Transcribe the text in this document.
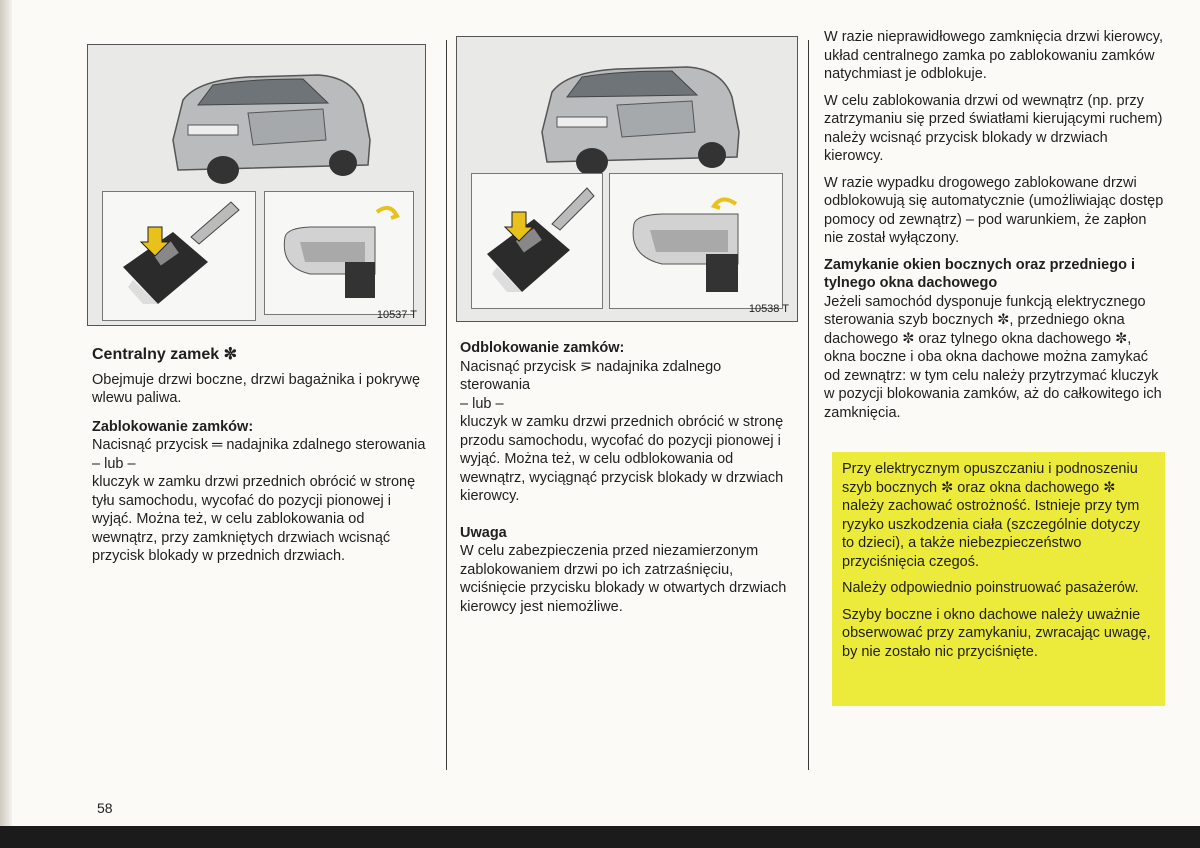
10537 T	10538 T

Centralny zamek ✼

Obejmuje drzwi boczne, drzwi bagażnika i pokrywę wlewu paliwa.

Zablokowanie zamków:
Nacisnąć przycisk ═ nadajnika zdalnego sterowania
– lub –
kluczyk w zamku drzwi przednich obrócić w stronę tyłu samochodu, wycofać do pozycji pionowej i wyjąć. Można też, w celu zablokowania od wewnątrz, przy zamkniętych drzwiach wcisnąć przycisk blokady w przednich drzwiach.
Odblokowanie zamków:
Nacisnąć przycisk ⋝ nadajnika zdalnego sterowania
– lub –
kluczyk w zamku drzwi przednich obrócić w stronę przodu samochodu, wycofać do pozycji pionowej i wyjąć. Można też, w celu odblokowania od wewnątrz, wyciągnąć przycisk blokady w drzwiach kierowcy.
Uwaga
W celu zabezpieczenia przed niezamierzonym zablokowaniem drzwi po ich zatrzaśnięciu, wciśnięcie przycisku blokady w otwartych drzwiach kierowcy jest niemożliwe.

W razie nieprawidłowego zamknięcia drzwi kierowcy, układ centralnego zamka po zablokowaniu zamków natychmiast je odblokuje.

W celu zablokowania drzwi od wewnątrz (np. przy zatrzymaniu się przed światłami kierującymi ruchem) należy wcisnąć przycisk blokady w drzwiach kierowcy.

W razie wypadku drogowego zablokowane drzwi odblokowują się automatycznie (umożliwiając dostęp pomocy od zewnątrz) – pod warunkiem, że zapłon nie został wyłączony.

Zamykanie okien bocznych oraz przedniego i tylnego okna dachowego
Jeżeli samochód dysponuje funkcją elektrycznego sterowania szyb bocznych ✼, przedniego okna dachowego ✼ oraz tylnego okna dachowego ✼, okna boczne i oba okna dachowe można zamykać od zewnątrz: w tym celu należy przytrzymać kluczyk w pozycji blokowania zamków, aż do całkowitego ich zamknięcia.

Przy elektrycznym opuszczaniu i podnoszeniu szyb bocznych ✼ oraz okna dachowego ✼ należy zachować ostrożność. Istnieje przy tym ryzyko uszkodzenia ciała (szczególnie dotyczy to dzieci), a także niebezpieczeństwo przyciśnięcia czegoś.

Należy odpowiednio poinstruować pasażerów.

Szyby boczne i okno dachowe należy uważnie obserwować przy zamykaniu, zwracając uwagę, by nie zostało nic przyciśnięte.

58
